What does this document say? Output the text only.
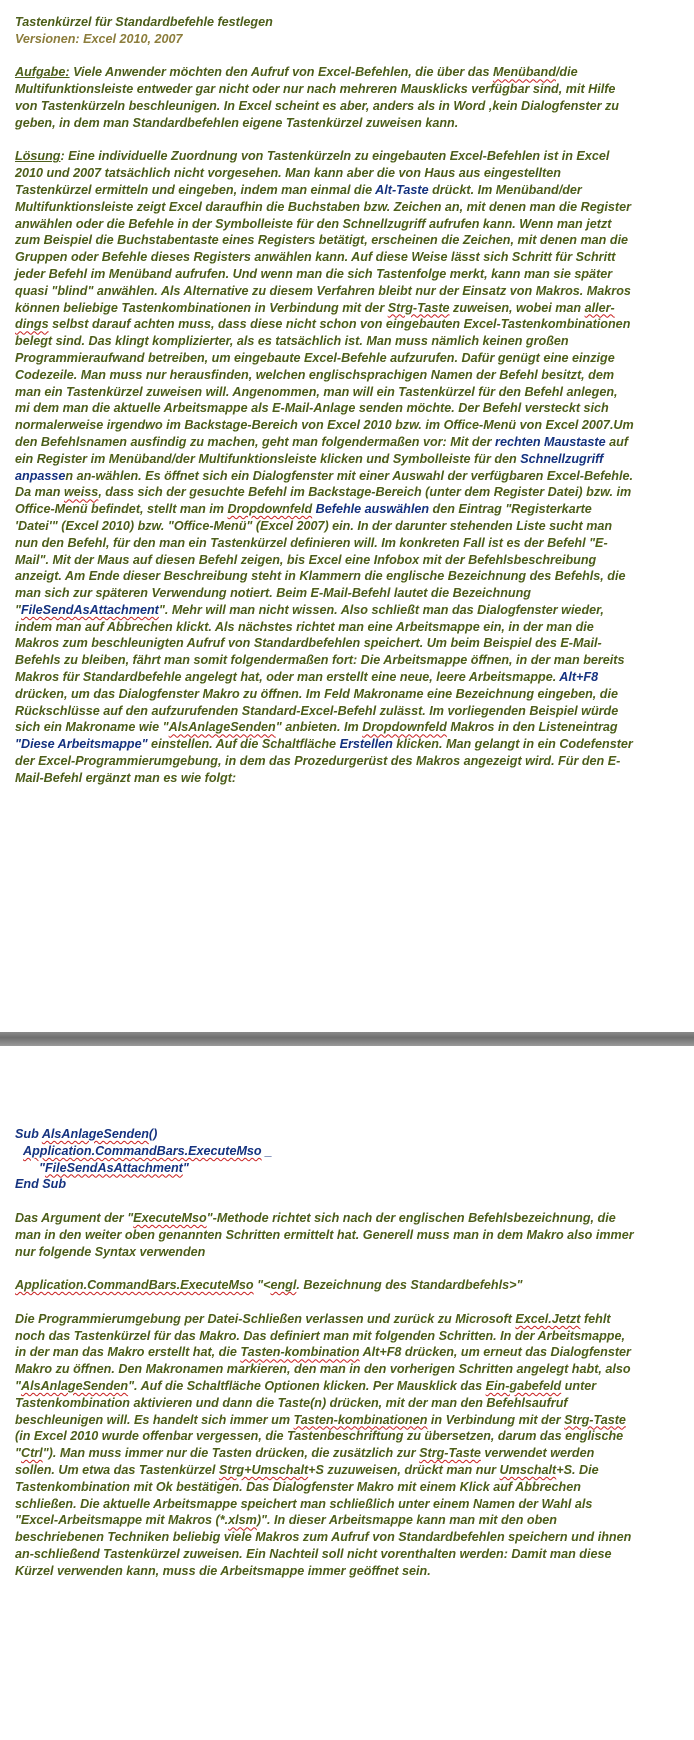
Tastenkürzel für Standardbefehle festlegen
Versionen: Excel 2010, 2007

Aufgabe: Viele Anwender möchten den Aufruf von Excel-Befehlen, die über das Menüband/die Multifunktionsleiste entweder gar nicht oder nur nach mehreren Mausklicks verfügbar sind, mit Hilfe von Tastenkürzeln beschleunigen. In Excel scheint es aber, anders als in Word ,kein Dialogfenster zu geben, in dem man Standardbefehlen eigene Tastenkürzel zuweisen kann.

Lösung: Eine individuelle Zuordnung von Tastenkürzeln zu eingebauten Excel-Befehlen ist in Excel 2010 und 2007 tatsächlich nicht vorgesehen. Man kann aber die von Haus aus eingestellten Tastenkürzel ermitteln und eingeben, indem man einmal die Alt-Taste drückt. Im Menüband/der Multifunktionsleiste zeigt Excel daraufhin die Buchstaben bzw. Zeichen an, mit denen man die Register anwählen oder die Befehle in der Symbolleiste für den Schnellzugriff aufrufen kann. Wenn man jetzt zum Beispiel die Buchstabentaste eines Registers betätigt, erscheinen die Zeichen, mit denen man die Gruppen oder Befehle dieses Registers anwählen kann. Auf diese Weise lässt sich Schritt für Schritt jeder Befehl im Menüband aufrufen. Und wenn man die sich Tastenfolge merkt, kann man sie später quasi "blind" anwählen. Als Alternative zu diesem Verfahren bleibt nur der Einsatz von Makros. Makros können beliebige Tastenkombinationen in Verbindung mit der Strg-Taste zuweisen, wobei man aller-dings selbst darauf achten muss, dass diese nicht schon von eingebauten Excel-Tastenkombinationen belegt sind. Das klingt komplizierter, als es tatsächlich ist. Man muss nämlich keinen großen Programmieraufwand betreiben, um eingebaute Excel-Befehle aufzurufen. Dafür genügt eine einzige Codezeile. Man muss nur herausfinden, welchen englischsprachigen Namen der Befehl besitzt, dem man ein Tastenkürzel zuweisen will. Angenommen, man will ein Tastenkürzel für den Befehl anlegen, mi dem man die aktuelle Arbeitsmappe als E-Mail-Anlage senden möchte. Der Befehl versteckt sich normalerweise irgendwo im Backstage-Bereich von Excel 2010 bzw. im Office-Menü von Excel 2007.Um den Befehlsnamen ausfindig zu machen, geht man folgendermaßen vor: Mit der rechten Maustaste auf ein Register im Menüband/der Multifunktionsleiste klicken und Symbolleiste für den Schnellzugriff anpassen an-wählen. Es öffnet sich ein Dialogfenster mit einer Auswahl der verfügbaren Excel-Befehle. Da man weiss, dass sich der gesuchte Befehl im Backstage-Bereich (unter dem Register Datei) bzw. im Office-Menü befindet, stellt man im Dropdownfeld Befehle auswählen den Eintrag "Registerkarte 'Datei'" (Excel 2010) bzw. "Office-Menü" (Excel 2007) ein. In der darunter stehenden Liste sucht man nun den Befehl, für den man ein Tastenkürzel definieren will. Im konkreten Fall ist es der Befehl "E-Mail". Mit der Maus auf diesen Befehl zeigen, bis Excel eine Infobox mit der Befehlsbeschreibung anzeigt. Am Ende dieser Beschreibung steht in Klammern die englische Bezeichnung des Befehls, die man sich zur späteren Verwendung notiert. Beim E-Mail-Befehl lautet die Bezeichnung "FileSendAsAttachment". Mehr will man nicht wissen. Also schließt man das Dialogfenster wieder, indem man auf Abbrechen klickt. Als nächstes richtet man eine Arbeitsmappe ein, in der man die Makros zum beschleunigten Aufruf von Standardbefehlen speichert. Um beim Beispiel des E-Mail-Befehls zu bleiben, fährt man somit folgendermaßen fort: Die Arbeitsmappe öffnen, in der man bereits Makros für Standardbefehle angelegt hat, oder man erstellt eine neue, leere Arbeitsmappe. Alt+F8 drücken, um das Dialogfenster Makro zu öffnen. Im Feld Makroname eine Bezeichnung eingeben, die Rückschlüsse auf den aufzurufenden Standard-Excel-Befehl zulässt. Im vorliegenden Beispiel würde sich ein Makroname wie "AlsAnlageSenden" anbieten. Im Dropdownfeld Makros in den Listeneintrag "Diese Arbeitsmappe" einstellen. Auf die Schaltfläche Erstellen klicken. Man gelangt in ein Codefenster der Excel-Programmierumgebung, in dem das Prozedurgerüst des Makros angezeigt wird. Für den E-Mail-Befehl ergänzt man es wie folgt:

Sub AlsAnlageSenden()
Application.CommandBars.ExecuteMso _
"FileSendAsAttachment"
End Sub

Das Argument der "ExecuteMso"-Methode richtet sich nach der englischen Befehlsbezeichnung, die man in den weiter oben genannten Schritten ermittelt hat. Generell muss man in dem Makro also immer nur folgende Syntax verwenden

Application.CommandBars.ExecuteMso "<engl. Bezeichnung des Standardbefehls>"

Die Programmierumgebung per Datei-Schließen verlassen und zurück zu Microsoft Excel.Jetzt fehlt noch das Tastenkürzel für das Makro. Das definiert man mit folgenden Schritten. In der Arbeitsmappe, in der man das Makro erstellt hat, die Tasten-kombination Alt+F8 drücken, um erneut das Dialogfenster Makro zu öffnen. Den Makronamen markieren, den man in den vorherigen Schritten angelegt habt, also "AlsAnlageSenden". Auf die Schaltfläche Optionen klicken. Per Mausklick das Ein-gabefeld unter Tastenkombination aktivieren und dann die Taste(n) drücken, mit der man den Befehlsaufruf beschleunigen will. Es handelt sich immer um Tasten-kombinationen in Verbindung mit der Strg-Taste (in Excel 2010 wurde offenbar vergessen, die Tastenbeschriftung zu übersetzen, darum das englische "Ctrl"). Man muss immer nur die Tasten drücken, die zusätzlich zur Strg-Taste verwendet werden sollen. Um etwa das Tastenkürzel Strg+Umschalt+S zuzuweisen, drückt man nur Umschalt+S. Die Tastenkombination mit Ok bestätigen. Das Dialogfenster Makro mit einem Klick auf Abbrechen schließen. Die aktuelle Arbeitsmappe speichert man schließlich unter einem Namen der Wahl als "Excel-Arbeitsmappe mit Makros (*.xlsm)". In dieser Arbeitsmappe kann man mit den oben beschriebenen Techniken beliebig viele Makros zum Aufruf von Standardbefehlen speichern und ihnen an-schließend Tastenkürzel zuweisen. Ein Nachteil soll nicht vorenthalten werden: Damit man diese Kürzel verwenden kann, muss die Arbeitsmappe immer geöffnet sein.
